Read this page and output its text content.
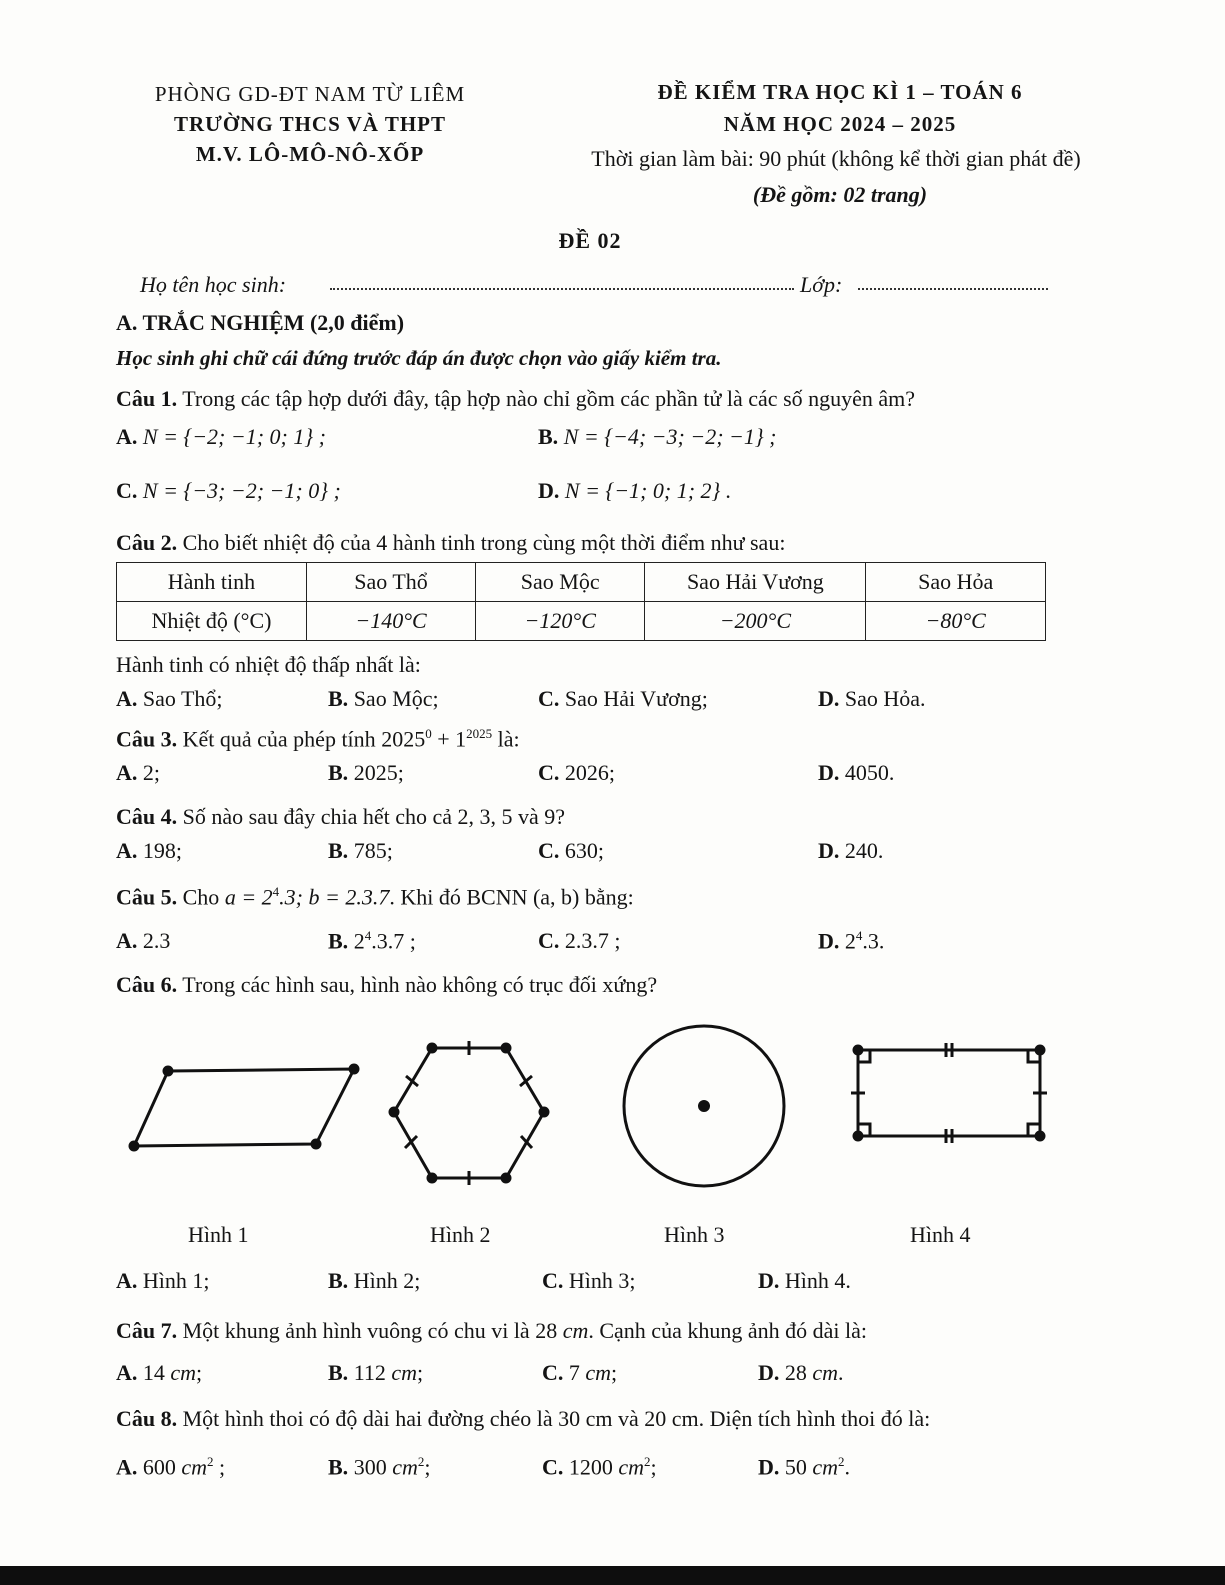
PHÒNG GD-ĐT NAM TỪ LIÊM
TRƯỜNG THCS VÀ THPT
M.V. LÔ-MÔ-NÔ-XỐP
ĐỀ KIỂM TRA HỌC KÌ 1 – TOÁN 6
NĂM HỌC 2024 – 2025
Thời gian làm bài: 90 phút (không kể thời gian phát đề)
(Đề gồm: 02 trang)
ĐỀ 02
Họ tên học sinh:	Lớp:
A. TRẮC NGHIỆM (2,0 điểm)
Học sinh ghi chữ cái đứng trước đáp án được chọn vào giấy kiểm tra.
Câu 1. Trong các tập hợp dưới đây, tập hợp nào chỉ gồm các phần tử là các số nguyên âm?
A. N = {−2; −1; 0; 1} ;	B. N = {−4; −3; −2; −1} ;
C. N = {−3; −2; −1; 0} ;	D. N = {−1; 0; 1; 2} .
Câu 2. Cho biết nhiệt độ của 4 hành tinh trong cùng một thời điểm như sau:
Hành tinh	Sao Thổ	Sao Mộc	Sao Hải Vương	Sao Hỏa
Nhiệt độ (°C)	−140°C	−120°C	−200°C	−80°C
Hành tinh có nhiệt độ thấp nhất là:
A. Sao Thổ;	B. Sao Mộc;	C. Sao Hải Vương;	D. Sao Hỏa.
Câu 3. Kết quả của phép tính $2025^0 + 1^{2025}$ là:
A. 2;	B. 2025;	C. 2026;	D. 4050.
Câu 4. Số nào sau đây chia hết cho cả 2, 3, 5 và 9?
A. 198;	B. 785;	C. 630;	D. 240.
Câu 5. Cho $a = 2^4.3$; b = 2.3.7. Khi đó BCNN (a, b) bằng:
A. 2.3	B. $2^4.3.7$ ;	C. 2.3.7 ;	D. $2^4.3$.
Câu 6. Trong các hình sau, hình nào không có trục đối xứng?
Hình 1	Hình 2	Hình 3	Hình 4
A. Hình 1;	B. Hình 2;	C. Hình 3;	D. Hình 4.
Câu 7. Một khung ảnh hình vuông có chu vi là 28 cm. Cạnh của khung ảnh đó dài là:
A. 14 cm;	B. 112 cm;	C. 7 cm;	D. 28 cm.
Câu 8. Một hình thoi có độ dài hai đường chéo là 30 cm và 20 cm. Diện tích hình thoi đó là:
A. 600 $cm^2$ ;	B. 300 $cm^2$;	C. 1200 $cm^2$;	D. 50 $cm^2$.
